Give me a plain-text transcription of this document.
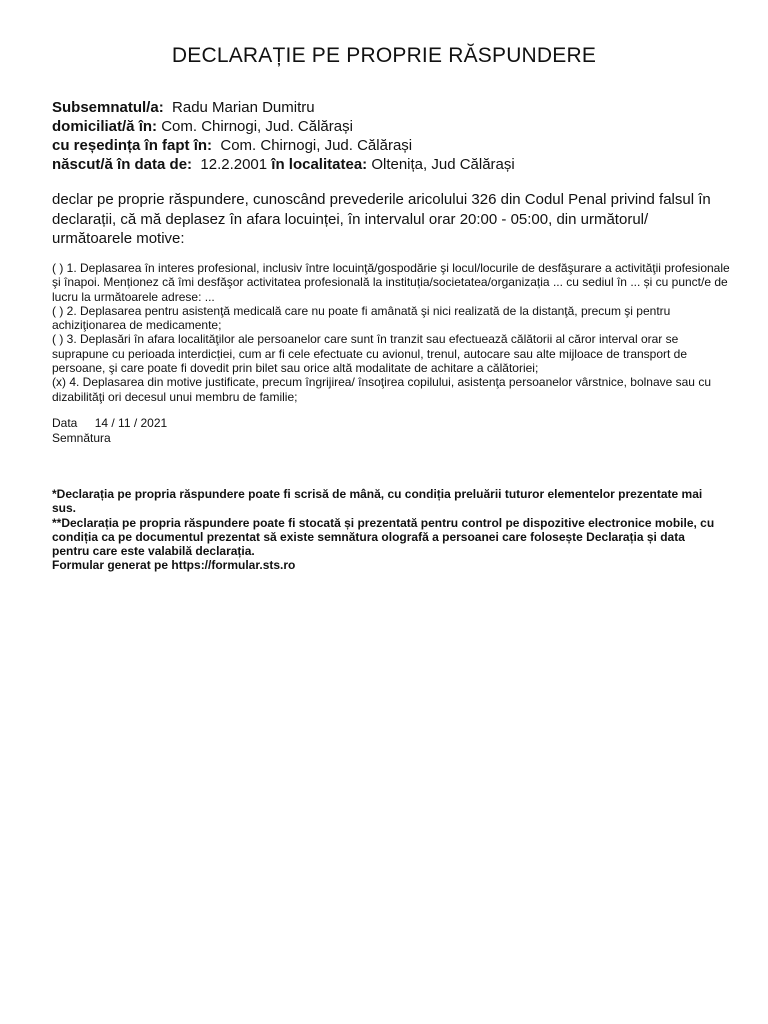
DECLARAȚIE PE PROPRIE RĂSPUNDERE
Subsemnatul/a: Radu Marian Dumitru
domiciliat/ă în: Com. Chirnogi, Jud. Călărași
cu reședința în fapt în: Com. Chirnogi, Jud. Călărași
născut/ă în data de: 12.2.2001 în localitatea: Oltenița, Jud Călărași

declar pe proprie răspundere, cunoscând prevederile aricolului 326 din Codul Penal privind falsul în declarații, că mă deplasez în afara locuinței, în intervalul orar 20:00 - 05:00, din următorul/ următoarele motive:

( ) 1. Deplasarea în interes profesional, inclusiv între locuinţă/gospodărie şi locul/locurile de desfăşurare a activităţii profesionale şi înapoi. Menționez că îmi desfăşor activitatea profesională la instituția/societatea/organizația ... cu sediul în ... și cu punct/e de lucru la următoarele adrese: ...

( ) 2. Deplasarea pentru asistenţă medicală care nu poate fi amânată şi nici realizată de la distanţă, precum şi pentru achiziţionarea de medicamente;

( ) 3. Deplasări în afara localităţilor ale persoanelor care sunt în tranzit sau efectuează călătorii al căror interval orar se suprapune cu perioada interdicției, cum ar fi cele efectuate cu avionul, trenul, autocare sau alte mijloace de transport de persoane, şi care poate fi dovedit prin bilet sau orice altă modalitate de achitare a călătoriei;

(x) 4. Deplasarea din motive justificate, precum îngrijirea/ însoţirea copilului, asistenţa persoanelor vârstnice, bolnave sau cu dizabilităţi ori decesul unui membru de familie;

Data 14 / 11 / 2021
Semnătura

*Declarația pe propria răspundere poate fi scrisă de mână, cu condiția preluării tuturor elementelor prezentate mai sus.

**Declarația pe propria răspundere poate fi stocată și prezentată pentru control pe dispozitive electronice mobile, cu condiția ca pe documentul prezentat să existe semnătura olografă a persoanei care folosește Declarația și data pentru care este valabilă declarația.

Formular generat pe https://formular.sts.ro
